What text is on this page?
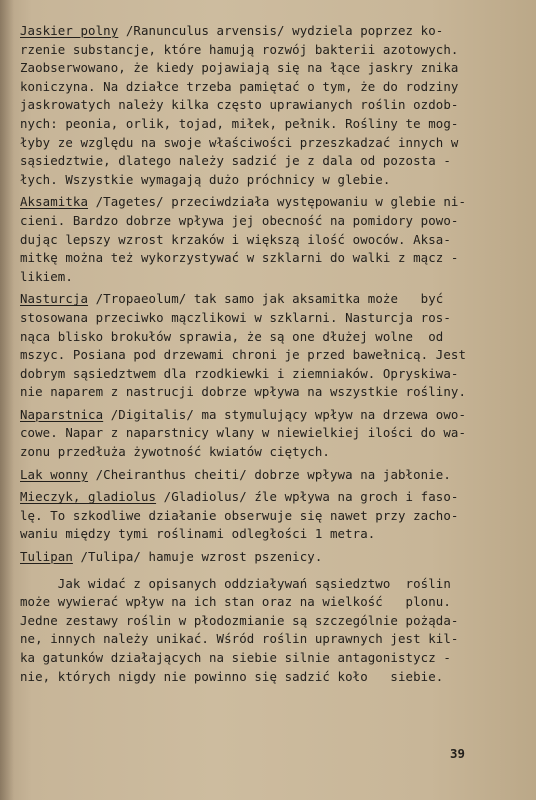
Jaskier polny /Ranunculus arvensis/ wydziela poprzez ko-
rzenie substancje, które hamują rozwój bakterii azotowych.
Zaobserwowano, że kiedy pojawiają się na łące jaskry znika
koniczyna. Na działce trzeba pamiętać o tym, że do rodziny
jaskrowatych należy kilka często uprawianych roślin ozdob-
nych: peonia, orlik, tojad, miłek, pełnik. Rośliny te mog-
łyby ze względu na swoje właściwości przeszkadzać innych w
sąsiedztwie, dlatego należy sadzić je z dala od pozosta -
łych. Wszystkie wymagają dużo próchnicy w glebie.
Aksamitka /Tagetes/ przeciwdziała występowaniu w glebie ni-
cieni. Bardzo dobrze wpływa jej obecność na pomidory powo-
dując lepszy wzrost krzaków i większą ilość owoców. Aksa-
mitkę można też wykorzystywać w szklarni do walki z mącz -
likiem.
Nasturcja /Tropaeolum/ tak samo jak aksamitka może   być
stosowana przeciwko mączlikowi w szklarni. Nasturcja ros-
nąca blisko brokułów sprawia, że są one dłużej wolne  od
mszyc. Posiana pod drzewami chroni je przed bawełnicą. Jest
dobrym sąsiedztwem dla rzodkiewki i ziemniaków. Opryskiwa-
nie naparem z nastrucji dobrze wpływa na wszystkie rośliny.
Naparstnica /Digitalis/ ma stymulujący wpływ na drzewa owo-
cowe. Napar z naparstnicy wlany w niewielkiej ilości do wa-
zonu przedłuża żywotność kwiatów ciętych.
Lak wonny /Cheiranthus cheiti/ dobrze wpływa na jabłonie.
Mieczyk, gladiolus /Gladiolus/ źle wpływa na groch i faso-
lę. To szkodliwe działanie obserwuje się nawet przy zacho-
waniu między tymi roślinami odległości 1 metra.
Tulipan /Tulipa/ hamuje wzrost pszenicy.
Jak widać z opisanych oddziaływań sąsiedztwo  roślin
może wywierać wpływ na ich stan oraz na wielkość   plonu.
Jedne zestawy roślin w płodozmianie są szczególnie pożąda-
ne, innych należy unikać. Wśród roślin uprawnych jest kil-
ka gatunków działających na siebie silnie antagonistycz -
nie, których nigdy nie powinno się sadzić koło   siebie.
39
